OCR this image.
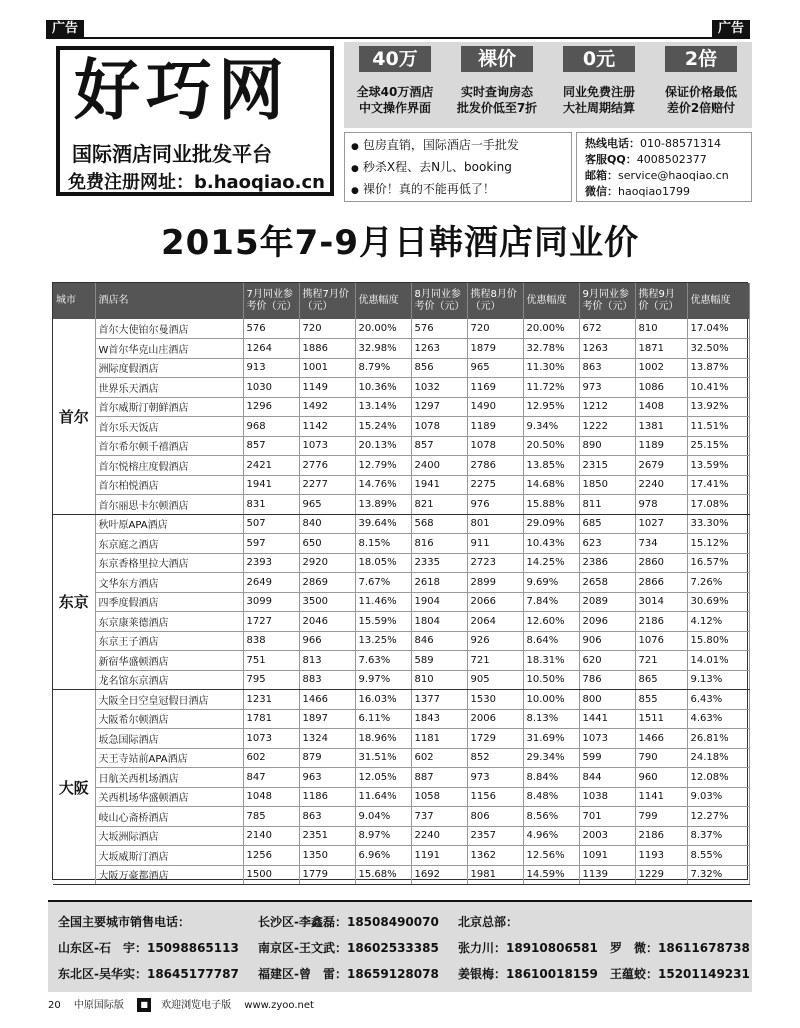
广告	广告
好巧网
国际酒店同业批发平台
免费注册网址：b.haoqiao.cn
40万
全球40万酒店
中文操作界面
裸价
实时查询房态
批发价低至7折
0元
同业免费注册
大社周期结算
2倍
保证价格最低
差价2倍赔付
● 包房直销，国际酒店一手批发
● 秒杀X程、去N儿、booking
● 裸价！真的不能再低了！
热线电话：010-88571314
客服QQ：4008502377
邮箱：service@haoqiao.cn
微信：haoqiao1799
2015年7-9月日韩酒店同业价
城市	酒店名	7月同业参考价（元）	携程7月价（元）	优惠幅度	8月同业参考价（元）	携程8月价（元）	优惠幅度	9月同业参考价（元）	携程9月价（元）	优惠幅度
首尔	首尔大使铂尔曼酒店	576	720	20.00%	576	720	20.00%	672	810	17.04%
	W首尔华克山庄酒店	1264	1886	32.98%	1263	1879	32.78%	1263	1871	32.50%
	洲际度假酒店	913	1001	8.79%	856	965	11.30%	863	1002	13.87%
	世界乐天酒店	1030	1149	10.36%	1032	1169	11.72%	973	1086	10.41%
	首尔威斯汀朝鲜酒店	1296	1492	13.14%	1297	1490	12.95%	1212	1408	13.92%
	首尔乐天饭店	968	1142	15.24%	1078	1189	9.34%	1222	1381	11.51%
	首尔希尔顿千禧酒店	857	1073	20.13%	857	1078	20.50%	890	1189	25.15%
	首尔悦榕庄度假酒店	2421	2776	12.79%	2400	2786	13.85%	2315	2679	13.59%
	首尔柏悦酒店	1941	2277	14.76%	1941	2275	14.68%	1850	2240	17.41%
	首尔丽思卡尔顿酒店	831	965	13.89%	821	976	15.88%	811	978	17.08%
东京	秋叶原APA酒店	507	840	39.64%	568	801	29.09%	685	1027	33.30%
	东京庭之酒店	597	650	8.15%	816	911	10.43%	623	734	15.12%
	东京香格里拉大酒店	2393	2920	18.05%	2335	2723	14.25%	2386	2860	16.57%
	文华东方酒店	2649	2869	7.67%	2618	2899	9.69%	2658	2866	7.26%
	四季度假酒店	3099	3500	11.46%	1904	2066	7.84%	2089	3014	30.69%
	东京康莱德酒店	1727	2046	15.59%	1804	2064	12.60%	2096	2186	4.12%
	东京王子酒店	838	966	13.25%	846	926	8.64%	906	1076	15.80%
	新宿华盛顿酒店	751	813	7.63%	589	721	18.31%	620	721	14.01%
	龙名馆东京酒店	795	883	9.97%	810	905	10.50%	786	865	9.13%
大阪	大阪全日空皇冠假日酒店	1231	1466	16.03%	1377	1530	10.00%	800	855	6.43%
	大阪希尔顿酒店	1781	1897	6.11%	1843	2006	8.13%	1441	1511	4.63%
	坂急国际酒店	1073	1324	18.96%	1181	1729	31.69%	1073	1466	26.81%
	天王寺站前APA酒店	602	879	31.51%	602	852	29.34%	599	790	24.18%
	日航关西机场酒店	847	963	12.05%	887	973	8.84%	844	960	12.08%
	关西机场华盛顿酒店	1048	1186	11.64%	1058	1156	8.48%	1038	1141	9.03%
	岐山心斋桥酒店	785	863	9.04%	737	806	8.56%	701	799	12.27%
	大坂洲际酒店	2140	2351	8.97%	2240	2357	4.96%	2003	2186	8.37%
	大坂威斯汀酒店	1256	1350	6.96%	1191	1362	12.56%	1091	1193	8.55%
	大阪万豪都酒店	1500	1779	15.68%	1692	1981	14.59%	1139	1229	7.32%
全国主要城市销售电话：	长沙区-李鑫磊：18508490070 北京总部：
山东区-石　宇：15098865113 南京区-王文武：18602533385 张力川：18910806581 罗　微：18611678738
东北区-吴华实：18645177787 福建区-曾　雷：18659128078 姜银梅：18610018159 王蕴蛟：15201149231
20 中原国际版 ■ 欢迎浏览电子版 www.zyoo.net
